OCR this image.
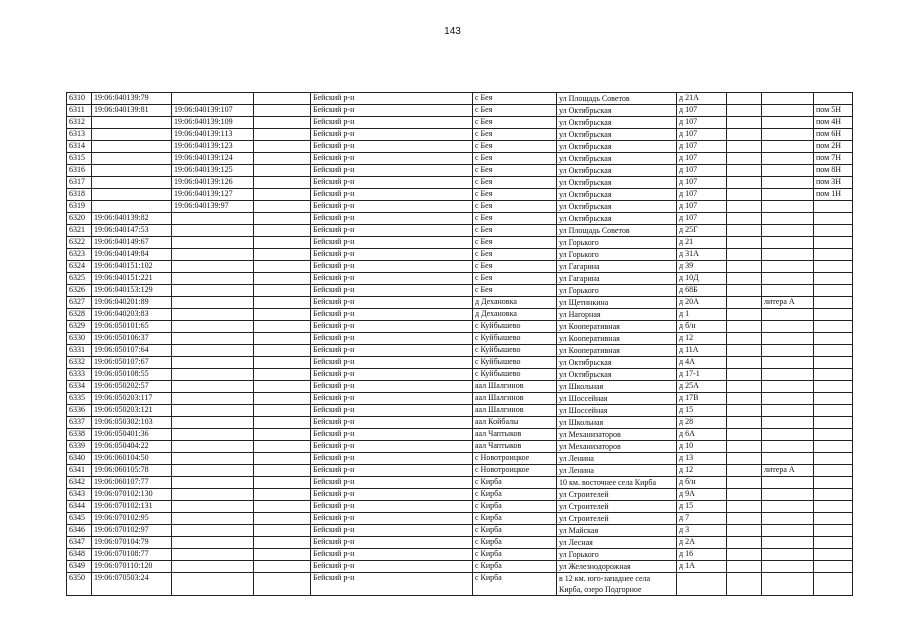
143
6310	19:06:040139:79			Бейский р-н	с Бея	ул Площадь Советов	д 21А			
6311	19:06:040139:81	19:06:040139:107		Бейский р-н	с Бея	ул Октябрьская	д 107			пом 5Н
6312		19:06:040139:109		Бейский р-н	с Бея	ул Октябрьская	д 107			пом 4Н
6313		19:06:040139:113		Бейский р-н	с Бея	ул Октябрьская	д 107			пом 6Н
6314		19:06:040139:123		Бейский р-н	с Бея	ул Октябрьская	д 107			пом 2Н
6315		19:06:040139:124		Бейский р-н	с Бея	ул Октябрьская	д 107			пом 7Н
6316		19:06:040139:125		Бейский р-н	с Бея	ул Октябрьская	д 107			пом 8Н
6317		19:06:040139:126		Бейский р-н	с Бея	ул Октябрьская	д 107			пом 3Н
6318		19:06:040139:127		Бейский р-н	с Бея	ул Октябрьская	д 107			пом 1Н
6319		19:06:040139:97		Бейский р-н	с Бея	ул Октябрьская	д 107			
6320	19:06:040139:82			Бейский р-н	с Бея	ул Октябрьская	д 107			
6321	19:06:040147:53			Бейский р-н	с Бея	ул Площадь Советов	д 25Г			
6322	19:06:040149:67			Бейский р-н	с Бея	ул Горького	д 21			
6323	19:06:040149:84			Бейский р-н	с Бея	ул Горького	д 31А			
6324	19:06:040151:102			Бейский р-н	с Бея	ул Гагарина	д 39			
6325	19:06:040151:221			Бейский р-н	с Бея	ул Гагарина	д 10Д			
6326	19:06:040153:129			Бейский р-н	с Бея	ул Горького	д 68Б			
6327	19:06:040201:89			Бейский р-н	д Дехановка	ул Щетинкина	д 20А		литера А	
6328	19:06:040203:83			Бейский р-н	д Дехановка	ул Нагорная	д 1			
6329	19:06:050101:65			Бейский р-н	с Куйбышево	ул Кооперативная	д б/н			
6330	19:06:050106:37			Бейский р-н	с Куйбышево	ул Кооперативная	д 12			
6331	19:06:050107:64			Бейский р-н	с Куйбышево	ул Кооперативная	д 11А			
6332	19:06:050107:67			Бейский р-н	с Куйбышево	ул Октябрьская	д 4А			
6333	19:06:050108:55			Бейский р-н	с Куйбышево	ул Октябрьская	д 17-1			
6334	19:06:050202:57			Бейский р-н	аал Шалгинов	ул Школьная	д 25А			
6335	19:06:050203:117			Бейский р-н	аал Шалгинов	ул Шоссейная	д 17В			
6336	19:06:050203:121			Бейский р-н	аал Шалгинов	ул Шоссейная	д 15			
6337	19:06:050302:103			Бейский р-н	аал Койбалы	ул Школьная	д 28			
6338	19:06:050401:36			Бейский р-н	аал Чаптыков	ул Механизаторов	д 6А			
6339	19:06:050404:22			Бейский р-н	аал Чаптыков	ул Механизаторов	д 10			
6340	19:06:060104:50			Бейский р-н	с Новотроицкое	ул Ленина	д 13			
6341	19:06:060105:78			Бейский р-н	с Новотроицкое	ул Ленина	д 12		литера А	
6342	19:06:060107:77			Бейский р-н	с Кирба	10 км. восточнее села Кирба	д б/н			
6343	19:06:070102:130			Бейский р-н	с Кирба	ул Строителей	д 9А			
6344	19:06:070102:131			Бейский р-н	с Кирба	ул Строителей	д 15			
6345	19:06:070102:95			Бейский р-н	с Кирба	ул Строителей	д 7			
6346	19:06:070102:97			Бейский р-н	с Кирба	ул Майская	д 3			
6347	19:06:070104:79			Бейский р-н	с Кирба	ул Лесная	д 2А			
6348	19:06:070108:77			Бейский р-н	с Кирба	ул Горького	д 16			
6349	19:06:070110:120			Бейский р-н	с Кирба	ул Железнодорожная	д 1А			
6350	19:06:070503:24			Бейский р-н	с Кирба	в 12 км. юго-западнее села Кирба, озеро Подгорное				
